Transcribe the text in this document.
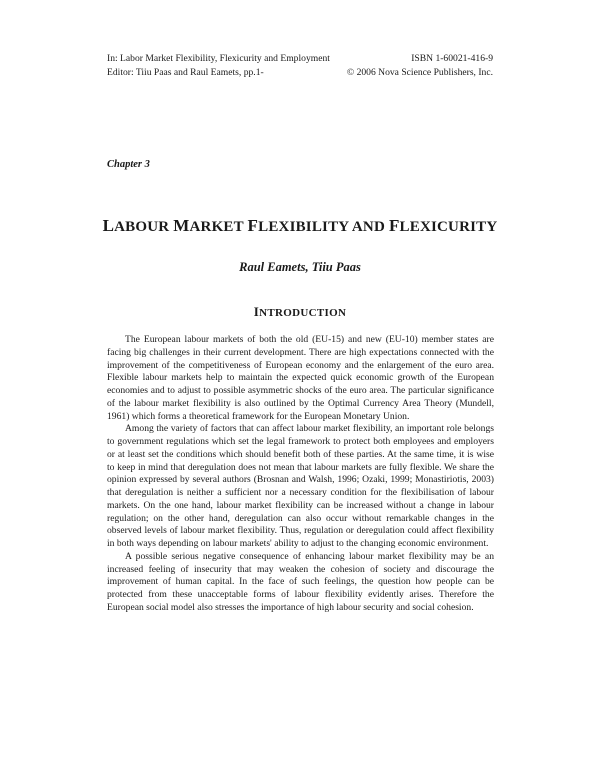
In: Labor Market Flexibility, Flexicurity and Employment	ISBN 1-60021-416-9
Editor: Tiiu Paas and Raul Eamets, pp.1-	© 2006 Nova Science Publishers, Inc.
Chapter 3
LABOUR MARKET FLEXIBILITY AND FLEXICURITY
Raul Eamets, Tiiu Paas
INTRODUCTION

The European labour markets of both the old (EU-15) and new (EU-10) member states are facing big challenges in their current development. There are high expectations connected with the improvement of the competitiveness of European economy and the enlargement of the euro area. Flexible labour markets help to maintain the expected quick economic growth of the European economies and to adjust to possible asymmetric shocks of the euro area. The particular significance of the labour market flexibility is also outlined by the Optimal Currency Area Theory (Mundell, 1961) which forms a theoretical framework for the European Monetary Union.

Among the variety of factors that can affect labour market flexibility, an important role belongs to government regulations which set the legal framework to protect both employees and employers or at least set the conditions which should benefit both of these parties. At the same time, it is wise to keep in mind that deregulation does not mean that labour markets are fully flexible. We share the opinion expressed by several authors (Brosnan and Walsh, 1996; Ozaki, 1999; Monastiriotis, 2003) that deregulation is neither a sufficient nor a necessary condition for the flexibilisation of labour markets. On the one hand, labour market flexibility can be increased without a change in labour regulation; on the other hand, deregulation can also occur without remarkable changes in the observed levels of labour market flexibility. Thus, regulation or deregulation could affect flexibility in both ways depending on labour markets' ability to adjust to the changing economic environment.

A possible serious negative consequence of enhancing labour market flexibility may be an increased feeling of insecurity that may weaken the cohesion of society and discourage the improvement of human capital. In the face of such feelings, the question how people can be protected from these unacceptable forms of labour flexibility evidently arises. Therefore the European social model also stresses the importance of high labour security and social cohesion.
